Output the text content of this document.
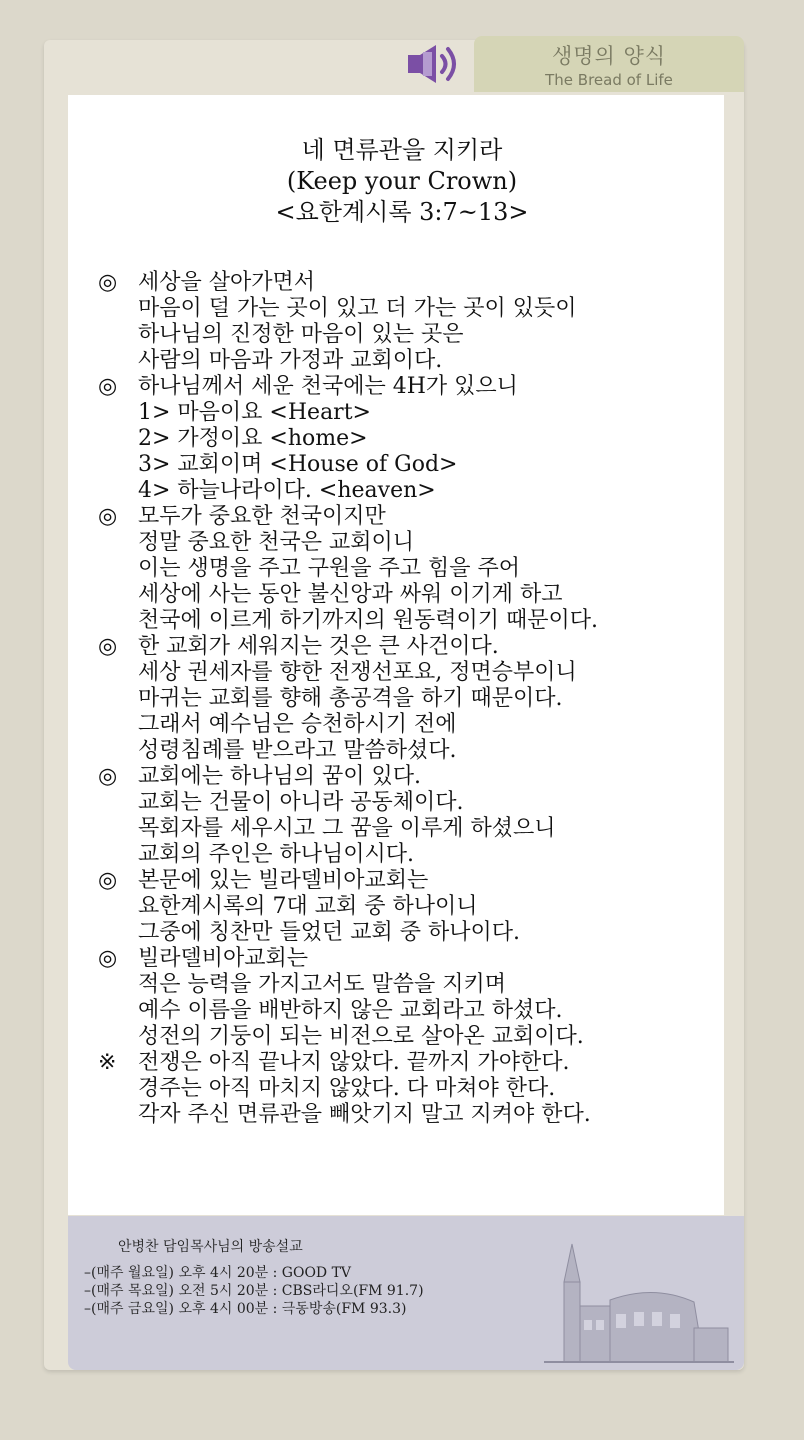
생명의 양식
The Bread of Life
네 면류관을 지키라
(Keep your Crown)
<요한계시록 3:7~13>
◎ 세상을 살아가면서
마음이 덜 가는 곳이 있고 더 가는 곳이 있듯이
하나님의 진정한 마음이 있는 곳은
사람의 마음과 가정과 교회이다.
◎ 하나님께서 세운 천국에는 4H가 있으니
1> 마음이요 <Heart>
2> 가정이요 <home>
3> 교회이며 <House of God>
4> 하늘나라이다. <heaven>
◎ 모두가 중요한 천국이지만
정말 중요한 천국은 교회이니
이는 생명을 주고 구원을 주고 힘을 주어
세상에 사는 동안 불신앙과 싸워 이기게 하고
천국에 이르게 하기까지의 원동력이기 때문이다.
◎ 한 교회가 세워지는 것은 큰 사건이다.
세상 권세자를 향한 전쟁선포요, 정면승부이니
마귀는 교회를 향해 총공격을 하기 때문이다.
그래서 예수님은 승천하시기 전에
성령침례를 받으라고 말씀하셨다.
◎ 교회에는 하나님의 꿈이 있다.
교회는 건물이 아니라 공동체이다.
목회자를 세우시고 그 꿈을 이루게 하셨으니
교회의 주인은 하나님이시다.
◎ 본문에 있는 빌라델비아교회는
요한계시록의 7대 교회 중 하나이니
그중에 칭찬만 들었던 교회 중 하나이다.
◎ 빌라델비아교회는
적은 능력을 가지고서도 말씀을 지키며
예수 이름을 배반하지 않은 교회라고 하셨다.
성전의 기둥이 되는 비전으로 살아온 교회이다.
※ 전쟁은 아직 끝나지 않았다. 끝까지 가야한다.
경주는 아직 마치지 않았다. 다 마쳐야 한다.
각자 주신 면류관을 빼앗기지 말고 지켜야 한다.
안병찬 담임목사님의 방송설교
–(매주 월요일) 오후 4시 20분 : GOOD TV
–(매주 목요일) 오전 5시 20분 : CBS라디오(FM 91.7)
–(매주 금요일) 오후 4시 00분 : 극동방송(FM 93.3)
